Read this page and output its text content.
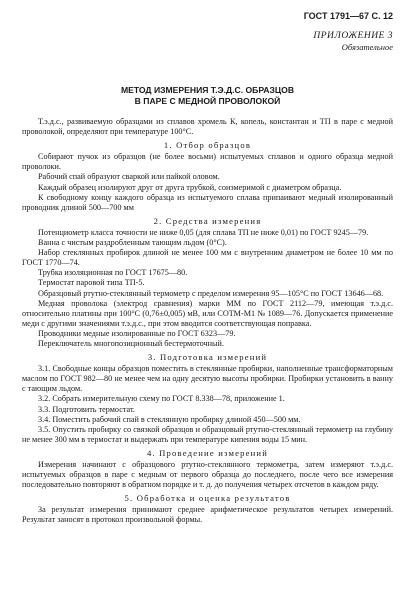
ГОСТ 1791—67 С. 12
ПРИЛОЖЕНИЕ 3
Обязательное
МЕТОД ИЗМЕРЕНИЯ Т.Э.Д.С. ОБРАЗЦОВ
В ПАРЕ С МЕДНОЙ ПРОВОЛОКОЙ

Т.э.д.с., развиваемую образцами из сплавов хромель К, копель, константан и ТП в паре с медной проволокой, определяют при температуре 100°С.

1. Отбор образцов

Собирают пучок из образцов (не более восьми) испытуемых сплавов и одного образца медной проволоки.

Рабочий спай образуют сваркой или пайкой оловом.

Каждый образец изолируют друг от друга трубкой, соизмеримой с диаметром образца.

К свободному концу каждого образца из испытуемого сплава припаивают медный изолированный проводник длиной 500—700 мм

2. Средства измерения

Потенциометр класса точности не ниже 0,05 (для сплава ТП не ниже 0,01) по ГОСТ 9245—79.

Ванна с чистым раздробленным тающим льдом (0°С).

Набор стеклянных пробирок длиной не менее 100 мм с внутренним диаметром не более 10 мм по ГОСТ 1770—74.

Трубка изоляционная по ГОСТ 17675—80.

Термостат паровой типа ТП-5.

Образцовый ртутно-стеклянный термометр с пределом измерения 95—105°С по ГОСТ 13646—68.

Медная проволока (электрод сравнения) марки ММ по ГОСТ 2112—79, имеющая т.э.д.с. относительно платины при 100°С (0,76±0,005) мВ, или СОТМ-М1 № 1089—76. Допускается применение меди с другими значениями т.э.д.с., при этом вводится соответствующая поправка.

Проводники медные изолированные по ГОСТ 6323—79.

Переключатель многопозиционный бестермоточный.

3. Подготовка измерений

3.1. Свободные концы образцов поместить в стеклянные пробирки, наполненные трансформаторным маслом по ГОСТ 982—80 не менее чем на одну десятую высоты пробирки. Пробирки установить в ванну с тающим льдом.

3.2. Собрать измерительную схему по ГОСТ 8.338—78, приложение 1.

3.3. Подготовить термостат.

3.4. Поместить рабочий спай в стеклянную пробирку длиной 450—500 мм.

3.5. Опустить пробирку со связкой образцов и образцовый ртутно-стеклянный термометр на глубину не менее 300 мм в термостат и выдержать при температуре кипения воды 15 мин.

4. Проведение измерений

Измерения начинают с образцового ртутно-стеклянного термометра, затем измеряют т.э.д.с. испытуемых образцов в паре с медным от первого образца до последнего, после чего все измерения последовательно повторяют в обратном порядке и т. д. до получения четырех отсчетов в каждом ряду.

5. Обработка и оценка результатов

За результат измерения принимают среднее арифметическое результатов четырех измерений. Результат заносят в протокол произвольной формы.
